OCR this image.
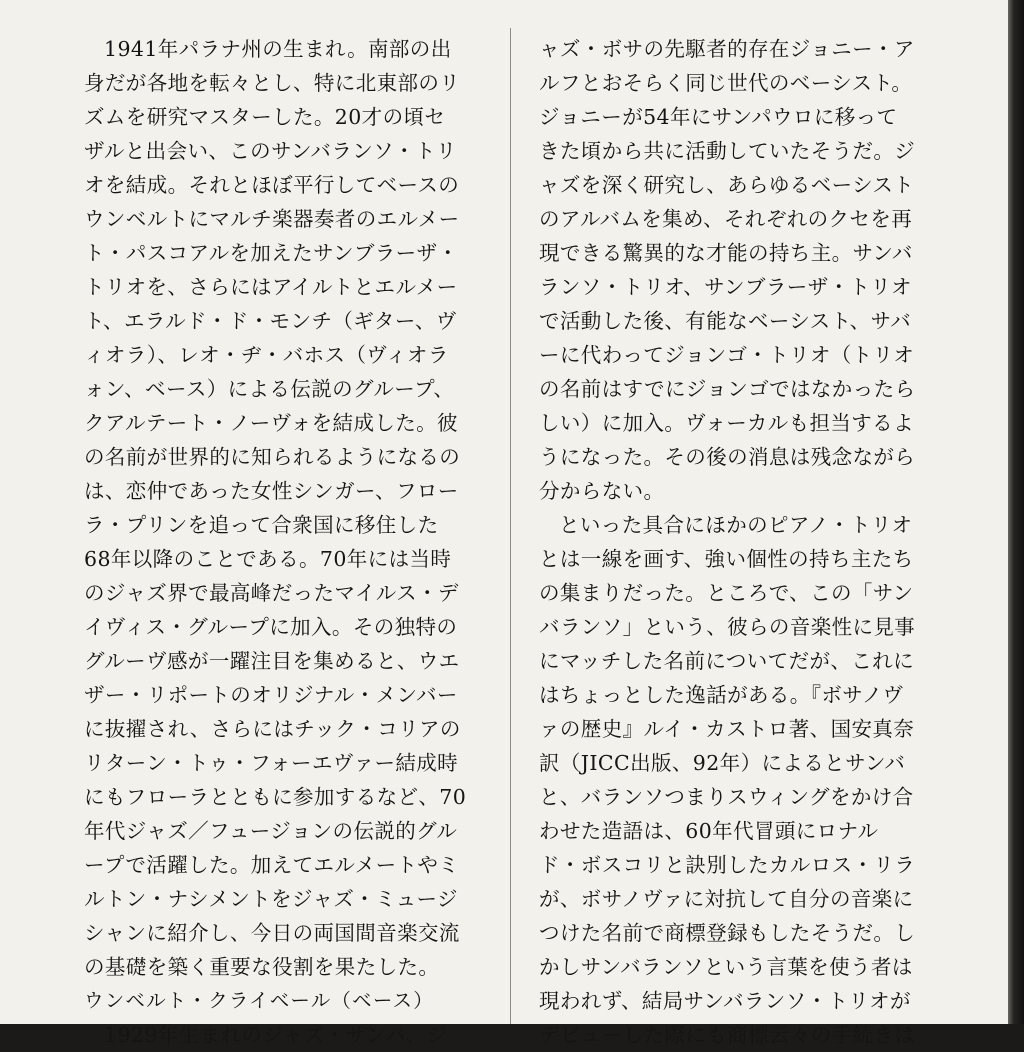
1941年パラナ州の生まれ。南部の出
身だが各地を転々とし、特に北東部のリ
ズムを研究マスターした。20才の頃セ
ザルと出会い、このサンバランソ・トリ
オを結成。それとほぼ平行してベースの
ウンベルトにマルチ楽器奏者のエルメー
ト・パスコアルを加えたサンブラーザ・
トリオを、さらにはアイルトとエルメー
ト、エラルド・ド・モンチ（ギター、ヴ
ィオラ）、レオ・ヂ・バホス（ヴィオラ
ォン、ベース）による伝説のグループ、
クアルテート・ノーヴォを結成した。彼
の名前が世界的に知られるようになるの
は、恋仲であった女性シンガー、フロー
ラ・プリンを追って合衆国に移住した
68年以降のことである。70年には当時
のジャズ界で最高峰だったマイルス・デ
イヴィス・グループに加入。その独特の
グルーヴ感が一躍注目を集めると、ウエ
ザー・リポートのオリジナル・メンバー
に抜擢され、さらにはチック・コリアの
リターン・トゥ・フォーエヴァー結成時
にもフローラとともに参加するなど、70
年代ジャズ／フュージョンの伝説的グル
ープで活躍した。加えてエルメートやミ
ルトン・ナシメントをジャズ・ミュージ
シャンに紹介し、今日の両国間音楽交流
の基礎を築く重要な役割を果たした。
ウンベルト・クライベール（ベース）
1929年生まれのジャズ・サンバ、ジ
ャズ・ボサの先駆者的存在ジョニー・ア
ルフとおそらく同じ世代のベーシスト。
ジョニーが54年にサンパウロに移って
きた頃から共に活動していたそうだ。ジ
ャズを深く研究し、あらゆるベーシスト
のアルバムを集め、それぞれのクセを再
現できる驚異的な才能の持ち主。サンバ
ランソ・トリオ、サンブラーザ・トリオ
で活動した後、有能なベーシスト、サバ
ーに代わってジョンゴ・トリオ（トリオ
の名前はすでにジョンゴではなかったら
しい）に加入。ヴォーカルも担当するよ
うになった。その後の消息は残念ながら
分からない。
といった具合にほかのピアノ・トリオ
とは一線を画す、強い個性の持ち主たち
の集まりだった。ところで、この「サン
バランソ」という、彼らの音楽性に見事
にマッチした名前についてだが、これに
はちょっとした逸話がある。『ボサノヴ
ァの歴史』ルイ・カストロ著、国安真奈
訳（JICC出版、92年）によるとサンバ
と、バランソつまりスウィングをかけ合
わせた造語は、60年代冒頭にロナル
ド・ボスコリと訣別したカルロス・リラ
が、ボサノヴァに対抗して自分の音楽に
つけた名前で商標登録もしたそうだ。し
かしサンバランソという言葉を使う者は
現われず、結局サンバランソ・トリオが
デビューした際にも商標云々の手続きは
